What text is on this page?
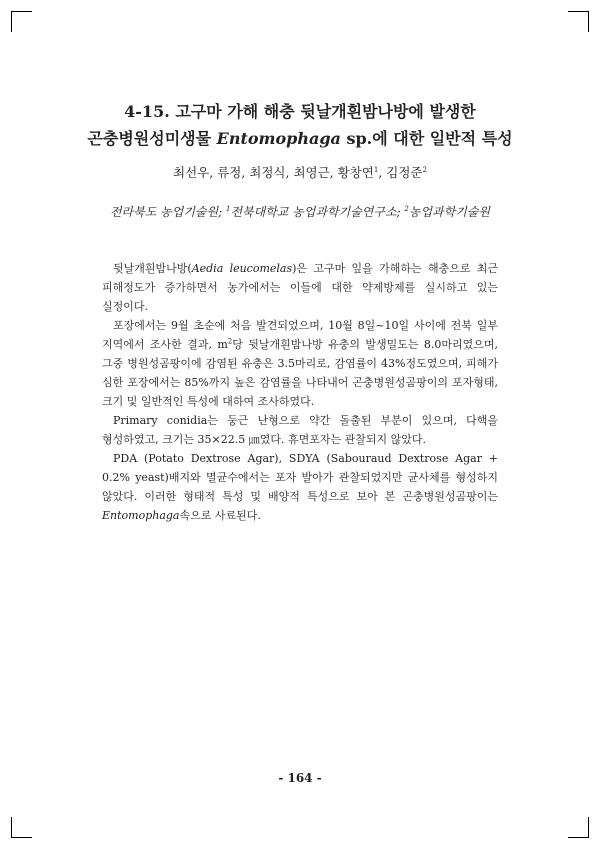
4-15. 고구마 가해 해충 뒷날개흰밤나방에 발생한
곤충병원성미생물 Entomophaga sp.에 대한 일반적 특성
최선우, 류정, 최정식, 최영근, 황창연$^1$, 김정준$^2$
전라북도 농업기술원; $^1$전북대학교 농업과학기술연구소; $^2$농업과학기술원

뒷날개흰밤나방(Aedia leucomelas)은 고구마 잎을 가해하는 해충으로 최근 피해정도가 증가하면서 농가에서는 이들에 대한 약제방제를 실시하고 있는 실정이다.

포장에서는 9월 초순에 처음 발견되었으며, 10월 8일~10일 사이에 전북 일부 지역에서 조사한 결과, $m^2$당 뒷날개흰밤나방 유충의 발생밀도는 8.0마리였으며, 그중 병원성곰팡이에 감염된 유충은 3.5마리로, 감염률이 43%정도였으며, 피해가 심한 포장에서는 85%까지 높은 감염률을 나타내어 곤충병원성곰팡이의 포자형태, 크기 및 일반적인 특성에 대하여 조사하였다.

Primary conidia는 둥근 난형으로 약간 돌출된 부분이 있으며, 다핵을 형성하였고, 크기는 35×22.5 ㎛였다. 휴면포자는 관찰되지 않았다.

PDA (Potato Dextrose Agar), SDYA (Sabouraud Dextrose Agar + 0.2% yeast)배지와 멸균수에서는 포자 발아가 관찰되었지만 균사체를 형성하지 않았다. 이러한 형태적 특성 및 배양적 특성으로 보아 본 곤충병원성곰팡이는 Entomophaga속으로 사료된다.

- 164 -
